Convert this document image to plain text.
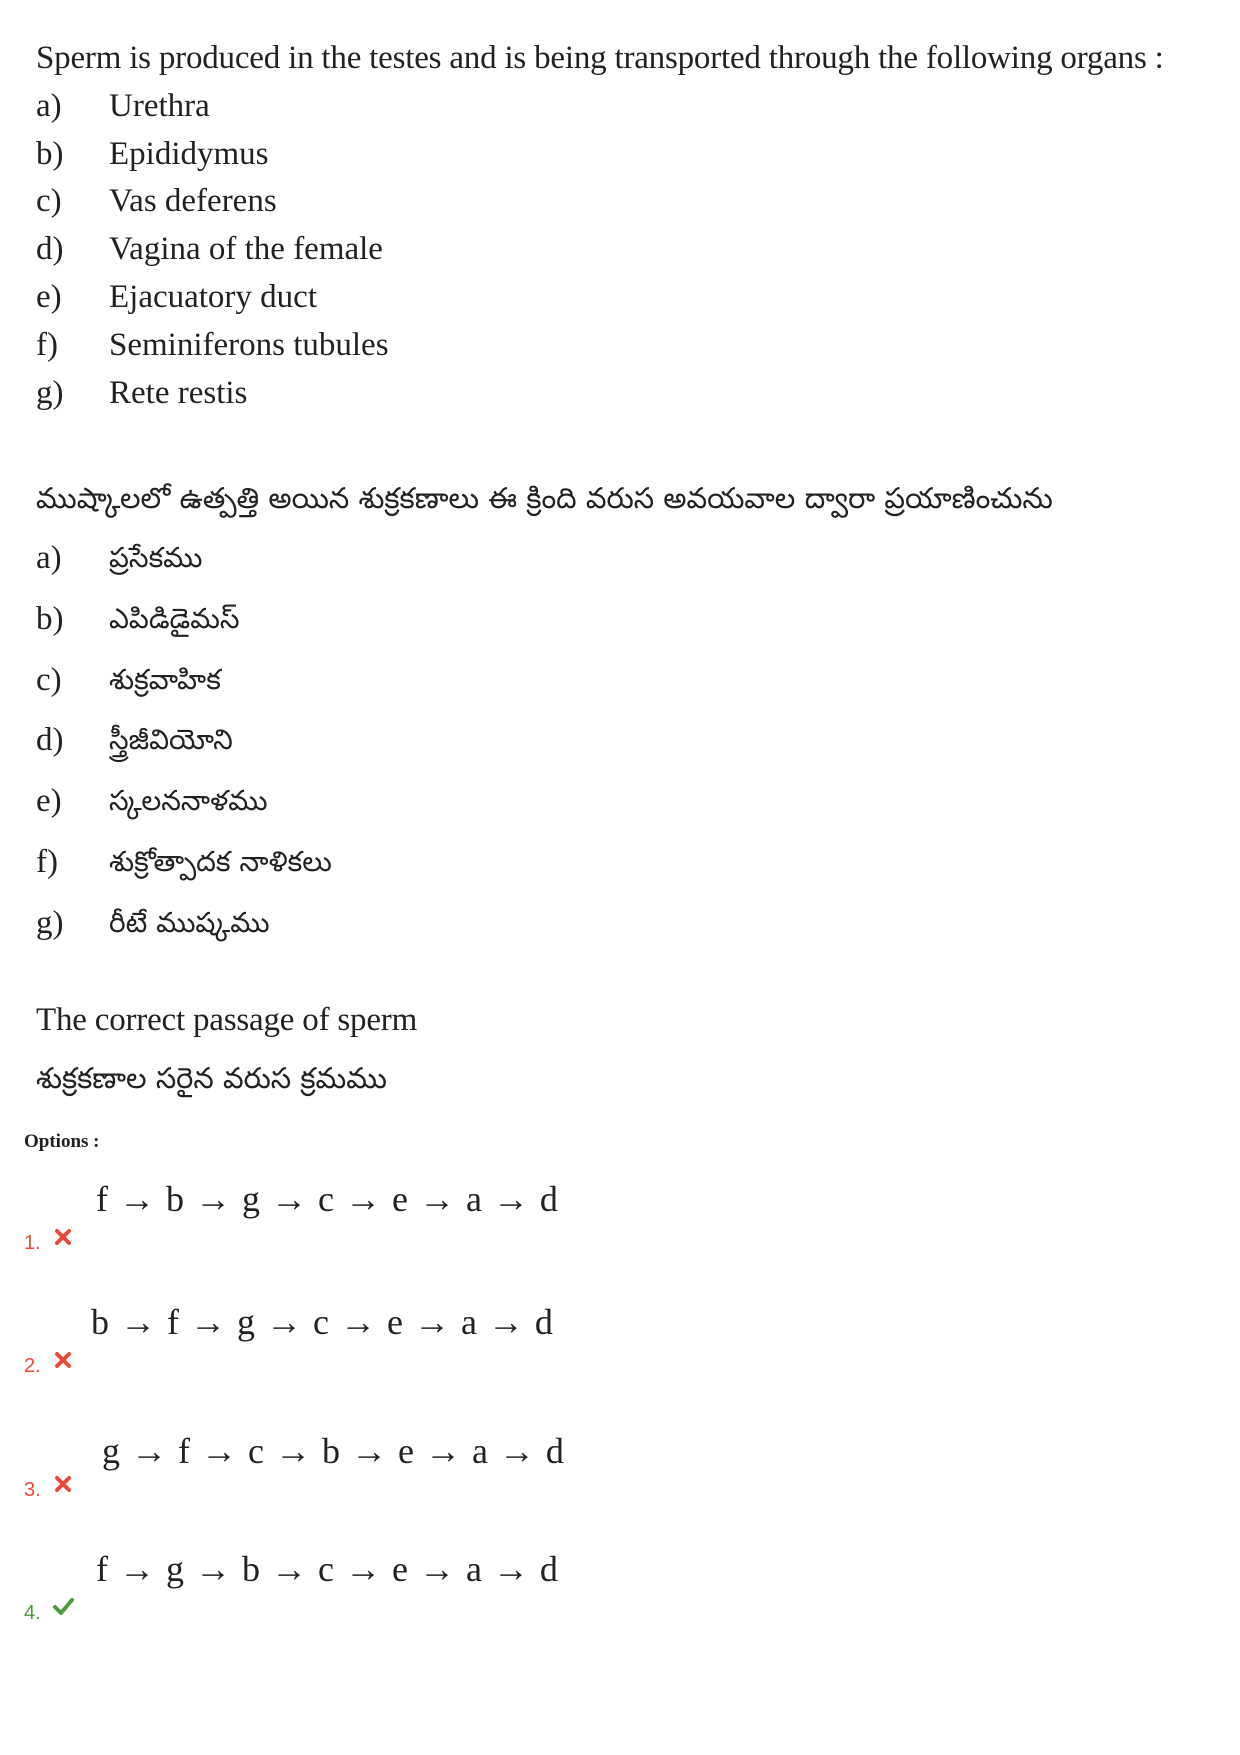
Sperm is produced in the testes and is being transported through the following organs :
a) Urethra
b) Epididymus
c) Vas deferens
d) Vagina of the female
e) Ejacuatory duct
f) Seminiferons tubules
g) Rete restis
ముష్కాలలో ఉత్పత్తి అయిన శుక్రకణాలు ఈ క్రింది వరుస అవయవాల ద్వారా ప్రయాణించును
a) ప్రసేకము
b) ఎపిడిడైమస్
c) శుక్రవాహిక
d) స్త్రీజీవియోని
e) స్కలననాళము
f) శుక్రోత్పాదక నాళికలు
g) రీటే ముష్కము
The correct passage of sperm
శుక్రకణాల సరైన వరుస క్రమము
Options :
f → b → g → c → e → a → d
1.
b → f → g → c → e → a → d
2.
g → f → c → b → e → a → d
3.
f → g → b → c → e → a → d
4.
